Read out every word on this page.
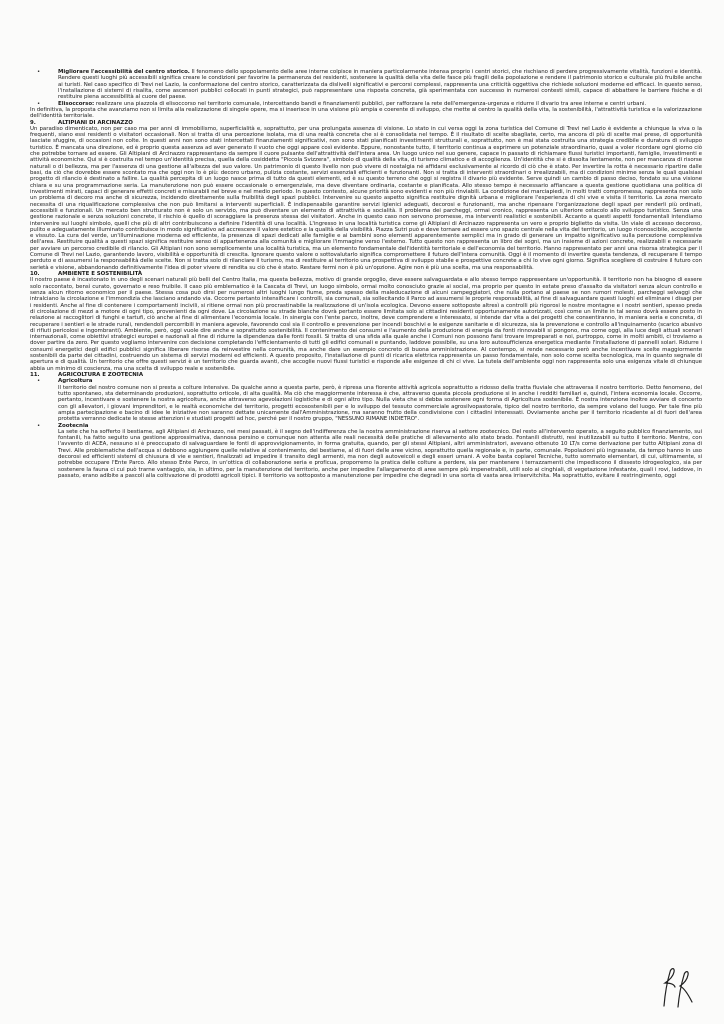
• Migliorare l'accessibilità del centro storico. Il fenomeno dello spopolamento delle aree interne colpisce in maniera particolarmente intensa proprio i centri storici, che rischiano di perdere progressivamente vitalità, funzioni e identità. Rendere questi luoghi più accessibili significa creare le condizioni per favorire la permanenza dei residenti, sostenere la qualità della vita delle fasce più fragili della popolazione e rendere il patrimonio storico e culturale più fruibile anche ai turisti. Nel caso specifico di Trevi nel Lazio, la conformazione del centro storico, caratterizzata da dislivelli significativi e percorsi complessi, rappresenta una criticità oggettiva che richiede soluzioni moderne ed efficaci. In questo senso, l'installazione di sistemi di risalita, come ascensori pubblici collocati in punti strategici, può rappresentare una risposta concreta, già sperimentata con successo in numerosi contesti simili, capace di abbattere le barriere fisiche e di restituire piena accessibilità al cuore del paese.

• Elisoccorso: realizzare una piazzola di elisoccorso nel territorio comunale, intercettando bandi e finanziamenti pubblici, per rafforzare la rete dell'emergenza-urgenza e ridurre il divario tra aree interne e centri urbani.

In definitiva, la proposta che avanziamo non si limita alla realizzazione di singole opere, ma si inserisce in una visione più ampia e coerente di sviluppo, che mette al centro la qualità della vita, la sostenibilità, l'attrattività turistica e la valorizzazione dell'identità territoriale.

9.	ALTIPIANI DI ARCINAZZO

Un paradiso dimenticato, non per caso ma per anni di immobilismo, superficialità e, soprattutto, per una prolungata assenza di visione. Lo stato in cui versa oggi la zona turistica del Comune di Trevi nel Lazio è evidente a chiunque la viva o la frequenti, siano essi residenti o visitatori occasionali. Non si tratta di una percezione isolata, ma di una realtà concreta che si è consolidata nel tempo. È il risultato di scelte sbagliate, certo, ma ancora di più di scelte mai prese, di opportunità lasciate sfuggire, di occasioni non colte. In questi anni non sono stati intercettati finanziamenti significativi, non sono stati pianificati investimenti strutturali e, soprattutto, non è mai stata costruita una strategia credibile e duratura di sviluppo turistico. È mancata una direzione, ed è proprio questa assenza ad aver generato il vuoto che oggi appare così evidente. Eppure, nonostante tutto, il territorio continua a esprimere un potenziale straordinario, quasi a voler ricordare ogni giorno ciò che potrebbe tornare ad essere. Gli Altipiani di Arcinazzo rappresentano da sempre il cuore pulsante dell'attrattività dell'intera area. Un luogo unico nel suo genere, capace in passato di richiamare flussi turistici importanti, famiglie, investimenti e attività economiche. Qui si è costruita nel tempo un'identità precisa, quella della cosiddetta "Piccola Svizzera", simbolo di qualità della vita, di turismo climatico e di accoglienza. Un'identità che si è dissolta lentamente, non per mancanza di risorse naturali o di bellezza, ma per l'assenza di una gestione all'altezza del suo valore. Un patrimonio di questo livello non può vivere di nostalgia né affidarsi esclusivamente al ricordo di ciò che è stato. Per invertire la rotta è necessario ripartire dalle basi, da ciò che dovrebbe essere scontato ma che oggi non lo è più: decoro urbano, pulizia costante, servizi essenziali efficienti e funzionanti. Non si tratta di interventi straordinari o irrealizzabili, ma di condizioni minime senza le quali qualsiasi progetto di rilancio è destinato a fallire. La qualità percepita di un luogo nasce prima di tutto da questi elementi, ed è su questo terreno che oggi si registra il divario più evidente. Serve quindi un cambio di passo deciso, fondato su una visione chiara e su una programmazione seria. La manutenzione non può essere occasionale o emergenziale, ma deve diventare ordinaria, costante e pianificata. Allo stesso tempo è necessario affiancare a questa gestione quotidiana una politica di investimenti mirati, capaci di generare effetti concreti e misurabili nel breve e nel medio periodo. In questo contesto, alcune priorità sono evidenti e non più rinviabili. La condizione dei marciapiedi, in molti tratti compromessa, rappresenta non solo un problema di decoro ma anche di sicurezza, incidendo direttamente sulla fruibilità degli spazi pubblici. Intervenire su questo aspetto significa restituire dignità urbana e migliorare l'esperienza di chi vive e visita il territorio. La zona mercato necessita di una riqualificazione complessiva che non può limitarsi a interventi superficiali. È indispensabile garantire servizi igienici adeguati, decorosi e funzionanti, ma anche ripensare l'organizzazione degli spazi per renderli più ordinati, accessibili e funzionali. Un mercato ben strutturato non è solo un servizio, ma può diventare un elemento di attrattività e socialità. Il problema dei parcheggi, ormai cronico, rappresenta un ulteriore ostacolo allo sviluppo turistico. Senza una gestione razionale e senza soluzioni concrete, il rischio è quello di scoraggiare la presenza stessa dei visitatori. Anche in questo caso non servono promesse, ma interventi realistici e sostenibili. Accanto a questi aspetti fondamentali intendiamo intervenire sui luoghi simbolo, quelli che più di altri contribuiscono a definire l'identità di una località. L'ingresso in una località turistica come gli Altipiani di Arcinazzo rappresenta un vero e proprio biglietto da visita. Un viale di accesso decoroso, pulito e adeguatamente illuminato contribuisce in modo significativo ad accrescere il valore estetico e la qualità della visibilità. Piazza Sutri può e deve tornare ad essere uno spazio centrale nella vita del territorio, un luogo riconoscibile, accogliente e vissuto. La cura del verde, un'illuminazione moderna ed efficiente, la presenza di spazi dedicati alle famiglie e ai bambini sono elementi apparentemente semplici ma in grado di generare un impatto significativo sulla percezione complessiva dell'area. Restituire qualità a questi spazi significa restituire senso di appartenenza alla comunità e migliorare l'immagine verso l'esterno. Tutto questo non rappresenta un libro dei sogni, ma un insieme di azioni concrete, realizzabili e necessarie per avviare un percorso credibile di rilancio. Gli Altipiani non sono semplicemente una località turistica, ma un elemento fondamentale dell'identità territoriale e dell'economia del territorio. Hanno rappresentato per anni una risorsa strategica per il Comune di Trevi nel Lazio, garantendo lavoro, visibilità e opportunità di crescita. Ignorare questo valore o sottovalutarlo significa compromettere il futuro dell'intera comunità. Oggi è il momento di invertire questa tendenza, di recuperare il tempo perduto e di assumersi la responsabilità delle scelte. Non si tratta solo di rilanciare il turismo, ma di restituire al territorio una prospettiva di sviluppo stabile e prospettive concrete a chi lo vive ogni giorno. Significa scegliere di costruire il futuro con serietà e visione, abbandonando definitivamente l'idea di poter vivere di rendita su ciò che è stato. Restare fermi non è più un'opzione. Agire non è più una scelta, ma una responsabilità.

10.	AMBIENTE E SOSTENIBILITÀ

Il nostro paese è incastonato in uno degli scenari naturali più belli del Centro Italia, ma questa bellezza, motivo di grande orgoglio, deve essere salvaguardata e allo stesso tempo rappresentare un'opportunità. Il territorio non ha bisogno di essere solo raccontato, bensì curato, governato e reso fruibile. Il caso più emblematico è la Cascata di Trevi, un luogo simbolo, ormai molto conosciuto grazie ai social, ma proprio per questo in estate preso d'assalto da visitatori senza alcun controllo e senza alcun ritorno economico per il paese. Stessa cosa può dirsi per numerosi altri luoghi lungo fiume, preda spesso della maleducazione di alcuni campeggiatori, che nulla portano al paese se non rumori molesti, parcheggi selvaggi che intralciano la circolazione e l'immondizia che lasciano andando via. Occorre pertanto intensificare i controlli, sia comunali, sia sollecitando il Parco ad assumersi le proprie responsabilità, al fine di salvaguardare questi luoghi ed eliminare i disagi per i residenti. Anche al fine di contenere i comportamenti incivili, si ritiene ormai non più procrastinabile la realizzazione di un'isola ecologica. Devono essere sottoposte altresì a controlli più rigorosi le nostre montagne e i nostri sentieri, spesso preda di circolazione di mezzi a motore di ogni tipo, provenienti da ogni dove. La circolazione su strade bianche dovrà pertanto essere limitata solo ai cittadini residenti opportunamente autorizzati, così come un limite in tal senso dovrà essere posto in relazione ai raccoglitori di funghi e tartufi, ciò anche al fine di alimentare l'economia locale. In sinergia con l'ente parco, inoltre, deve comprendere e interessato, si intende dar vita a dei progetti che consentiranno, in maniera seria e concreta, di recuperare i sentieri e le strade rurali, rendendoli percorribili in maniera agevole, favorendo così sia il controllo e prevenzione per incendi boschivi e le esigenze sanitarie e di sicurezza, sia la prevenzione e controllo all'inquinamento (scarico abusivo di rifiuti pericolosi e ingombranti). Ambiente, però, oggi vuole dire anche e soprattutto sostenibilità. Il contenimento dei consumi e l'aumento della produzione di energia da fonti rinnovabili si pongono, ma come oggi, alla luce degli attuali scenari internazionali, come obiettivi strategici europei e nazionali al fine di ridurre la dipendenza dalle fonti fossili. Si tratta di una sfida alla quale anche i Comuni non possono farsi trovare impreparati e noi, purtroppo, come in molti ambiti, ci troviamo a dover partire da zero. Per questo vogliamo intervenire con decisione completando l'efficientamento di tutti gli edifici comunali e puntando, laddove possibile, su una loro autosufficienza energetica mediante l'installazione di pannelli solari. Ridurre i consumi energetici degli edifici pubblici significa liberare risorse da reinvestire nella comunità, ma anche dare un esempio concreto di buona amministrazione. Al contempo, si rende necessario però anche incentivare scelte maggiormente sostenibili da parte dei cittadini, costruendo un sistema di servizi moderni ed efficienti. A questo proposito, l'installazione di punti di ricarica elettrica rappresenta un passo fondamentale, non solo come scelta tecnologica, ma in quanto segnale di apertura e di qualità. Un territorio che offre questi servizi è un territorio che guarda avanti, che accoglie nuovi flussi turistici e risponde alle esigenze di chi ci vive. La tutela dell'ambiente oggi non rappresenta solo una esigenza vitale di chiunque abbia un minimo di coscienza, ma una scelta di sviluppo reale e sostenibile.

11.	AGRICOLTURA E ZOOTECNIA

• Agricoltura

Il territorio del nostro comune non si presta a colture intensive. Da qualche anno a questa parte, però, è ripresa una fiorente attività agricola soprattutto a ridosso della tratta fluviale che attraversa il nostro territorio. Detto fenomeno, del tutto spontaneo, sta determinando produzioni, soprattutto orticole, di alta qualità. Ma ciò che maggiormente interessa è che, attraverso questa piccola produzione si in anche i redditi familiari e, quindi, l'intera economia locale. Occorre, pertanto, incentivare e sostenere la nostra agricoltura, anche attraverso agevolazioni logistiche e di ogni altro tipo. Nulla vieta che si debba sostenere ogni forma di Agricoltura sostenibile. È nostra intenzione inoltre avviare di concerto con gli allevatori, i giovani imprenditori, e le realtà economiche del territorio, progetti ecosostenibili per e lo sviluppo del tessuto commerciale agrosilvopastorale, tipico del nostro territorio, da sempre volano del luogo. Per tale fine più ampia partecipazione e bacino di idee le iniziative non saranno dettate unicamente dall'Amministrazione, ma saranno frutto della condivisione con i cittadini interessati. Ovviamente anche per il territorio ricadente al di fuori dell'area protetta verranno dedicate le stesse attenzioni e studiati progetti ad hoc, perché per il nostro gruppo, "NESSUNO RIMANE INDIETRO".

• Zootecnia

La sete che ha sofferto il bestiame, agli Altipiani di Arcinazzo, nei mesi passati, è il segno dell'indifferenza che la nostra amministrazione riserva al settore zootecnico. Del resto all'intervento operato, a seguito pubblico finanziamento, sui fontanili, ha fatto seguito una gestione approssimativa, dannosa persino e comunque non attenta alle reali necessità delle pratiche di allevamento allo stato brado. Fontanili distrutti, resi inutilizzabili su tutto il territorio. Mentre, con l'avvento di ACEA, nessuno si è preoccupato di salvaguardare le fonti di approvvigionamento, in forma gratuita, quando, per gli stessi Altipiani, altri amministratori, avevano ottenuto 10 LT/s come derivazione per tutto Altipiani zona di Trevi. Alle problematiche dell'acqua si debbono aggiungere quelle relative al contenimento, del bestiame, al di fuori delle aree vicino, soprattutto quella regionale e, in parte, comunale. Popolazioni più ingrassate, da tempo hanno in uso decorosi ed efficienti sistemi di chiusura di vie e sentieri, finalizzati ad impedire il transito degli armenti, ma non degli autoveicoli e degli esseri umani. A volte basta copiarel Tecniche, tutto sommato elementari, di cui, ultimamente, si potrebbe occupare l'Ente Parco. Allo stesso Ente Parco, in un'ottica di collaborazione seria e proficua, proporremo la pratica delle colture a perdere, sia per mantenere i terrazzamenti che impediscono il dissesto idrogeologico, sia per sostenere la fauna ci cui può trarne vantaggio, sia, in ultimo, per la manutenzione del territorio, anche per impedire l'allargamento di aree sempre più impenetrabili, utili solo ai cinghiali, di vegetazione infestante, quali i rovi, laddove, in passato, erano adibite a pascoli alla coltivazione di prodotti agricoli tipici. Il territorio va sottoposto a manutenzione per impedire che degradi in una sorta di vasta area irriservitchita. Ma soprattutto, evitare il restringimento, oggi
